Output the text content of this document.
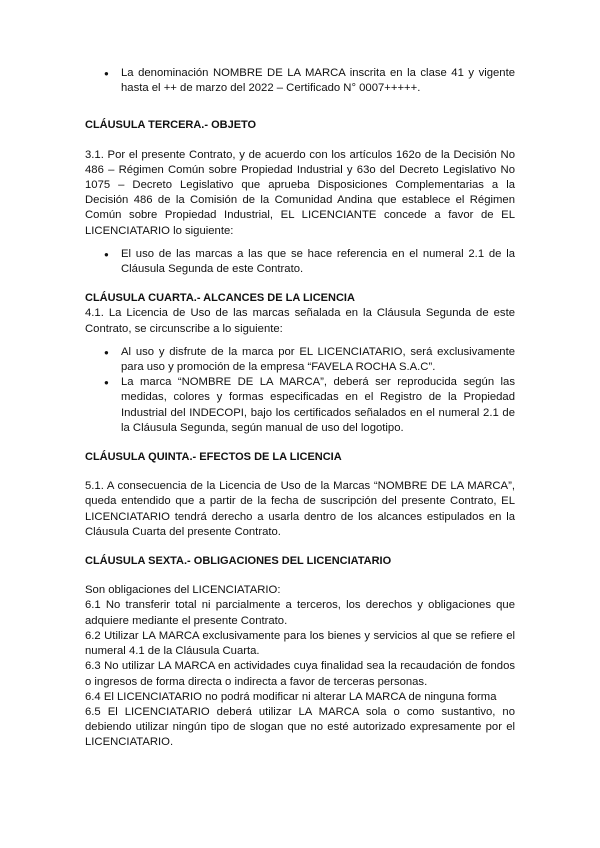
● La denominación NOMBRE DE LA MARCA inscrita en la clase 41 y vigente hasta el ++ de marzo del 2022 – Certificado N° 0007+++++.

CLÁUSULA TERCERA.- OBJETO

3.1. Por el presente Contrato, y de acuerdo con los artículos 162o de la Decisión No 486 – Régimen Común sobre Propiedad Industrial y 63o del Decreto Legislativo No 1075 – Decreto Legislativo que aprueba Disposiciones Complementarias a la Decisión 486 de la Comisión de la Comunidad Andina que establece el Régimen Común sobre Propiedad Industrial, EL LICENCIANTE concede a favor de EL LICENCIATARIO lo siguiente:

● El uso de las marcas a las que se hace referencia en el numeral 2.1 de la Cláusula Segunda de este Contrato.

CLÁUSULA CUARTA.- ALCANCES DE LA LICENCIA

4.1. La Licencia de Uso de las marcas señalada en la Cláusula Segunda de este Contrato, se circunscribe a lo siguiente:

● Al uso y disfrute de la marca por EL LICENCIATARIO, será exclusivamente para uso y promoción de la empresa “FAVELA ROCHA S.A.C”.

● La marca “NOMBRE DE LA MARCA”, deberá ser reproducida según las medidas, colores y formas especificadas en el Registro de la Propiedad Industrial del INDECOPI, bajo los certificados señalados en el numeral 2.1 de la Cláusula Segunda, según manual de uso del logotipo.

CLÁUSULA QUINTA.- EFECTOS DE LA LICENCIA

5.1. A consecuencia de la Licencia de Uso de la Marcas “NOMBRE DE LA MARCA”, queda entendido que a partir de la fecha de suscripción del presente Contrato, EL LICENCIATARIO tendrá derecho a usarla dentro de los alcances estipulados en la Cláusula Cuarta del presente Contrato.

CLÁUSULA SEXTA.- OBLIGACIONES DEL LICENCIATARIO

Son obligaciones del LICENCIATARIO:

6.1 No transferir total ni parcialmente a terceros, los derechos y obligaciones que adquiere mediante el presente Contrato.

6.2 Utilizar LA MARCA exclusivamente para los bienes y servicios al que se refiere el numeral 4.1 de la Cláusula Cuarta.

6.3 No utilizar LA MARCA en actividades cuya finalidad sea la recaudación de fondos o ingresos de forma directa o indirecta a favor de terceras personas.

6.4 El LICENCIATARIO no podrá modificar ni alterar LA MARCA de ninguna forma

6.5 El LICENCIATARIO deberá utilizar LA MARCA sola o como sustantivo, no debiendo utilizar ningún tipo de slogan que no esté autorizado expresamente por el LICENCIATARIO.
